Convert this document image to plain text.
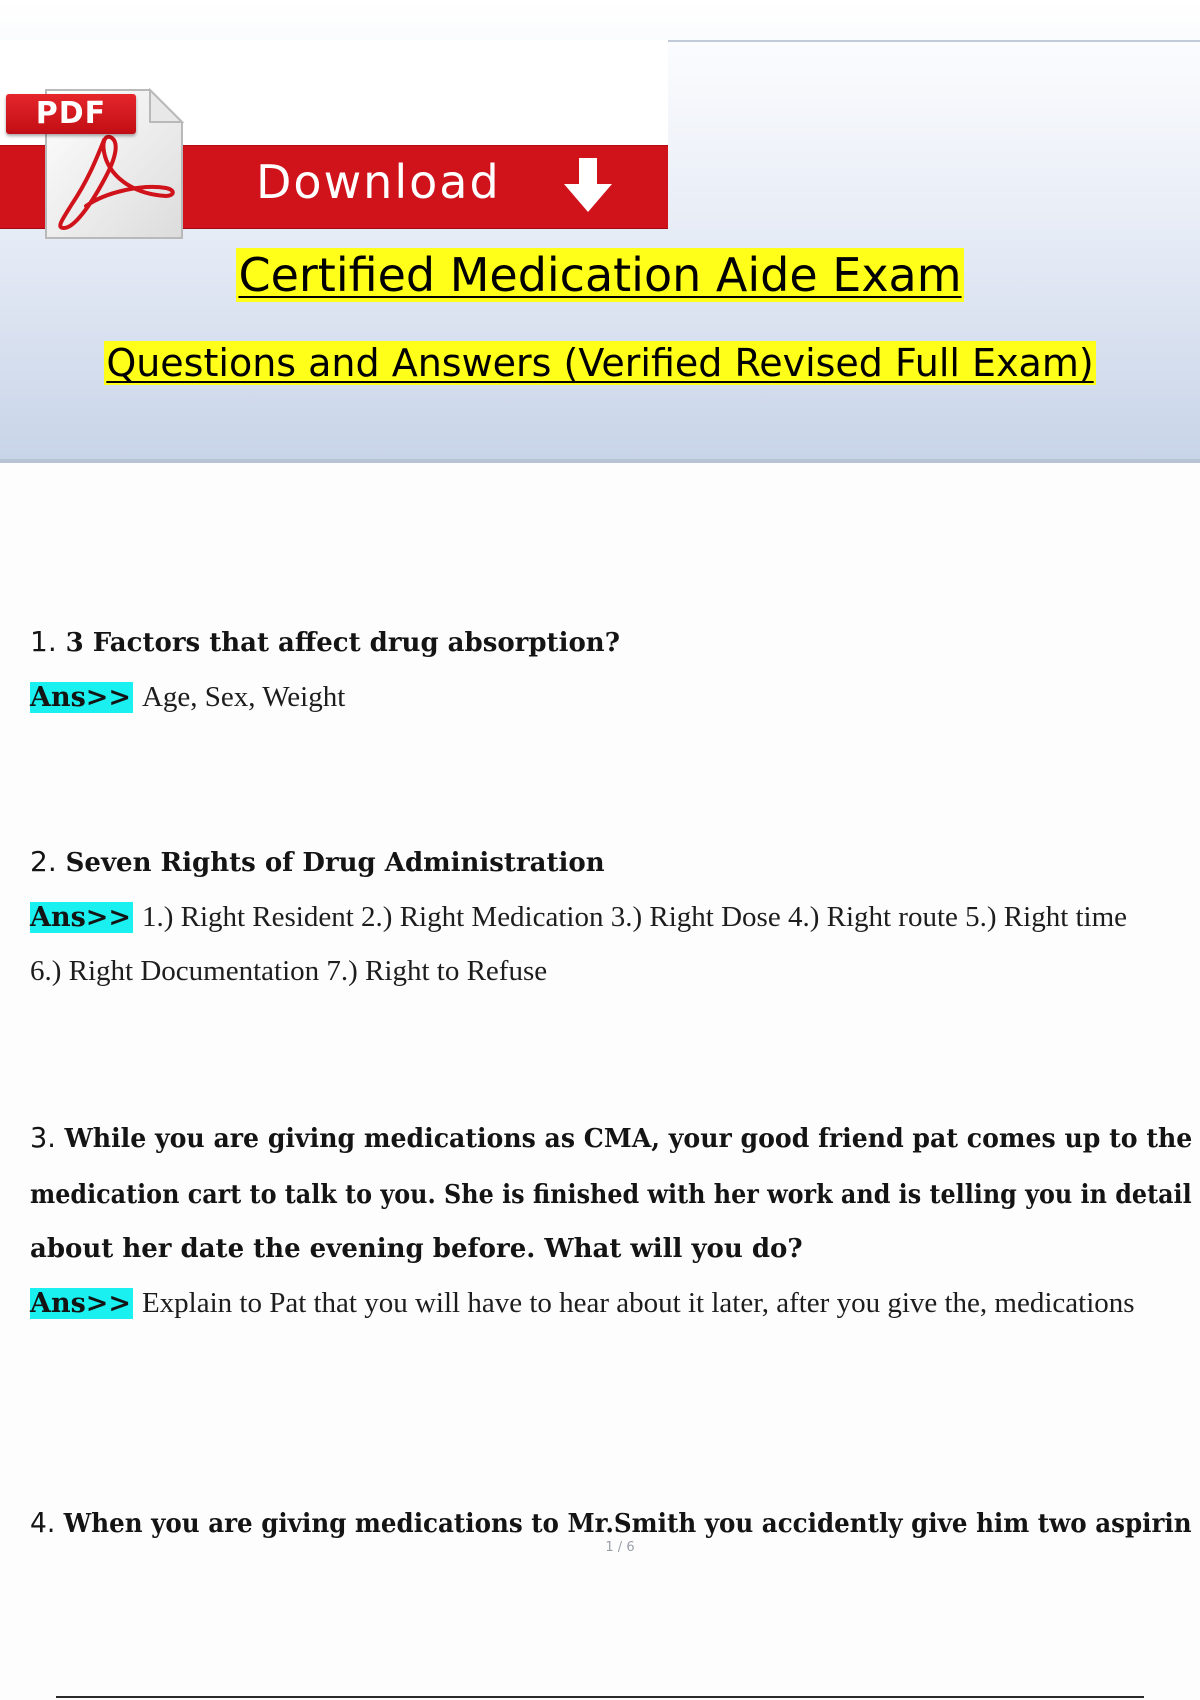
Download
PDF
Certified Medication Aide Exam
Questions and Answers (Verified Revised Full Exam)
1. 3 Factors that affect drug absorption?
Ans>> Age, Sex, Weight
2. Seven Rights of Drug Administration
Ans>> 1.) Right Resident 2.) Right Medication 3.) Right Dose 4.) Right route 5.) Right time
6.) Right Documentation 7.) Right to Refuse
3. While you are giving medications as CMA, your good friend pat comes up to the
medication cart to talk to you. She is finished with her work and is telling you in detail
about her date the evening before. What will you do?
Ans>> Explain to Pat that you will have to hear about it later, after you give the, medications
4. When you are giving medications to Mr.Smith you accidently give him two aspirin
1 / 6
